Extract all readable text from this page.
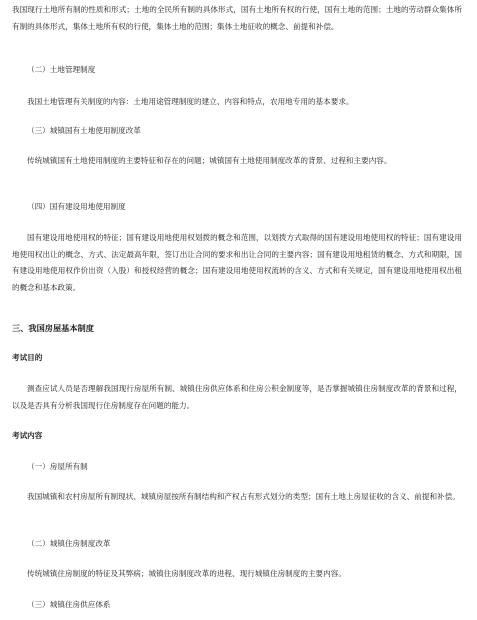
我国现行土地所有制的性质和形式；土地的全民所有制的具体形式，国有土地所有权的行使，国有土地的范围；土地的劳动群众集体所有制的具体形式，集体土地所有权的行使，集体土地的范围；集体土地征收的概念、前提和补偿。

（二）土地管理制度

我国土地管理有关制度的内容：土地用途管理制度的建立、内容和特点，农用地专用的基本要求。

（三）城镇国有土地使用制度改革

传统城镇国有土地使用制度的主要特征和存在的问题；城镇国有土地使用制度改革的背景、过程和主要内容。

（四）国有建设用地使用制度

国有建设用地使用权的特征；国有建设用地使用权划拨的概念和范围，以划拨方式取得的国有建设用地使用权的特征；国有建设用地使用权出让的概念、方式、法定最高年限，签订出让合同的要求和出让合同的主要内容；国有建设用地租赁的概念、方式和期限，国有建设用地使用权作价出资（入股）和授权经营的概念；国有建设用地使用权流转的含义、方式和有关规定，国有建设用地使用权出租的概念和基本政策。

三、我国房屋基本制度

考试目的

测查应试人员是否理解我国现行房屋所有制、城镇住房供应体系和住房公积金制度等，是否掌握城镇住房制度改革的背景和过程，以及是否具有分析我国现行住房制度存在问题的能力。

考试内容

（一）房屋所有制

我国城镇和农村房屋所有制现状、城镇房屋按所有制结构和产权占有形式划分的类型；国有土地上房屋征收的含义、前提和补偿。

（二）城镇住房制度改革

传统城镇住房制度的特征及其弊病；城镇住房制度改革的进程、现行城镇住房制度的主要内容。

（三）城镇住房供应体系
